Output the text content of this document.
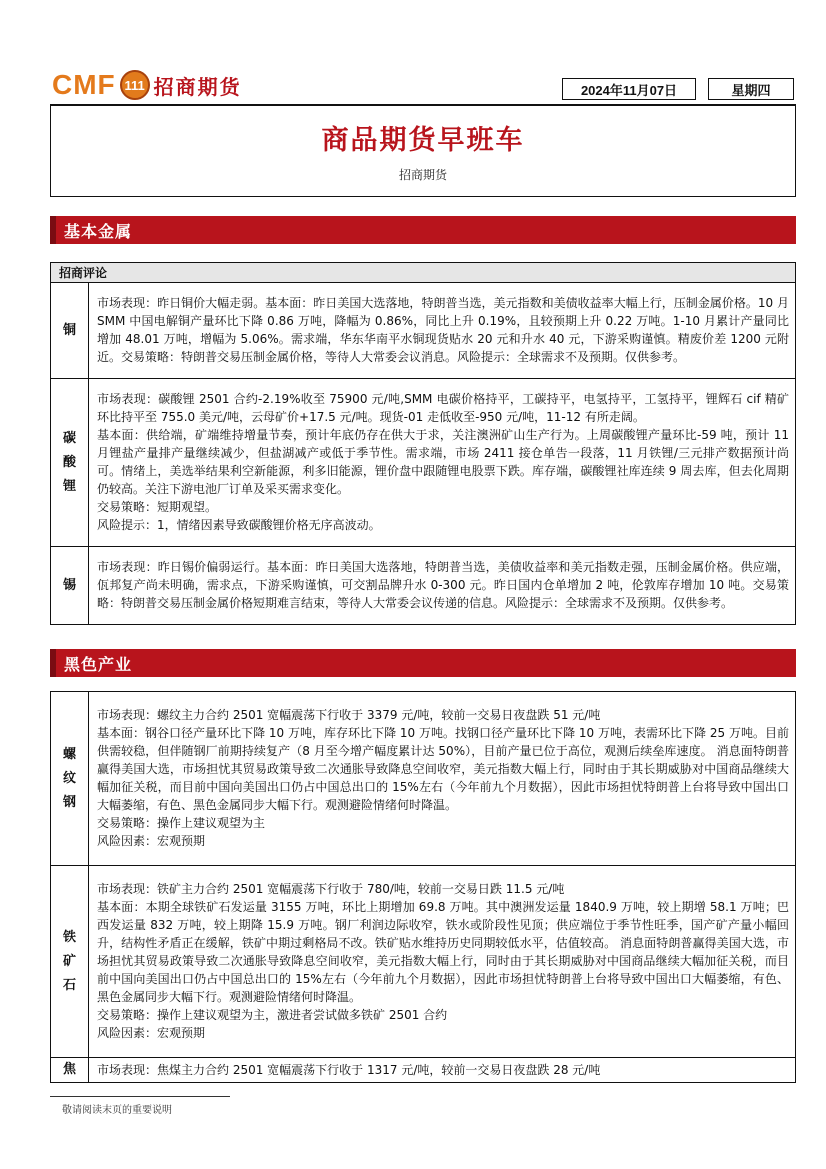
CMF 111 招商期货	2024年11月07日	星期四
商品期货早班车
招商期货
基本金属
招商评论	
铜	市场表现：昨日铜价大幅走弱。基本面：昨日美国大选落地，特朗普当选，美元指数和美债收益率大幅上行，压制金属价格。10 月 SMM 中国电解铜产量环比下降 0.86 万吨，降幅为 0.86%，同比上升 0.19%，且较预期上升 0.22 万吨。1-10 月累计产量同比增加 48.01 万吨，增幅为 5.06%。需求端，华东华南平水铜现货贴水 20 元和升水 40 元，下游采购谨慎。精废价差 1200 元附近。交易策略：特朗普交易压制金属价格，等待人大常委会议消息。风险提示：全球需求不及预期。仅供参考。

碳酸锂	市场表现：碳酸锂 2501 合约-2.19%收至 75900 元/吨,SMM 电碳价格持平，工碳持平，电氢持平，工氢持平，锂辉石 cif 精矿环比持平至 755.0 美元/吨，云母矿价+17.5 元/吨。现货-01 走低收至-950 元/吨，11-12 有所走阔。

基本面：供给端，矿端维持增量节奏，预计年底仍存在供大于求，关注澳洲矿山生产行为。上周碳酸锂产量环比-59 吨，预计 11 月锂盐产量排产量继续减少，但盐湖减产或低于季节性。需求端，市场 2411 接仓单告一段落，11 月铁锂/三元排产数据预计尚可。情绪上，美选举结果利空新能源，利多旧能源，锂价盘中跟随锂电股票下跌。库存端，碳酸锂社库连续 9 周去库，但去化周期仍较高。关注下游电池厂订单及采买需求变化。

交易策略：短期观望。

风险提示：1，情绪因素导致碳酸锂价格无序高波动。

锡	市场表现：昨日锡价偏弱运行。基本面：昨日美国大选落地，特朗普当选，美债收益率和美元指数走强，压制金属价格。供应端，佤邦复产尚未明确，需求点，下游采购谨慎，可交割品牌升水 0-300 元。昨日国内仓单增加 2 吨，伦敦库存增加 10 吨。交易策略：特朗普交易压制金属价格短期难言结束，等待人大常委会议传递的信息。风险提示：全球需求不及预期。仅供参考。

黑色产业
螺纹钢	市场表现：螺纹主力合约 2501 宽幅震荡下行收于 3379 元/吨，较前一交易日夜盘跌 51 元/吨

基本面：钢谷口径产量环比下降 10 万吨，库存环比下降 10 万吨。找钢口径产量环比下降 10 万吨，表需环比下降 25 万吨。目前供需较稳，但伴随钢厂前期持续复产（8 月至今增产幅度累计达 50%），目前产量已位于高位，观测后续垒库速度。 消息面特朗普赢得美国大选，市场担忧其贸易政策导致二次通胀导致降息空间收窄，美元指数大幅上行，同时由于其长期威胁对中国商品继续大幅加征关税，而目前中国向美国出口仍占中国总出口的 15%左右（今年前九个月数据），因此市场担忧特朗普上台将导致中国出口大幅萎缩，有色、黑色金属同步大幅下行。观测避险情绪何时降温。

交易策略：操作上建议观望为主

风险因素：宏观预期

铁矿石	市场表现：铁矿主力合约 2501 宽幅震荡下行收于 780/吨，较前一交易日跌 11.5 元/吨

基本面：本期全球铁矿石发运量 3155 万吨，环比上期增加 69.8 万吨。其中澳洲发运量 1840.9 万吨，较上期增 58.1 万吨；巴西发运量 832 万吨，较上期降 15.9 万吨。钢厂利润边际收窄，铁水或阶段性见顶；供应端位于季节性旺季，国产矿产量小幅回升，结构性矛盾正在缓解，铁矿中期过剩格局不改。铁矿贴水维持历史同期较低水平，估值较高。 消息面特朗普赢得美国大选，市场担忧其贸易政策导致二次通胀导致降息空间收窄，美元指数大幅上行，同时由于其长期威胁对中国商品继续大幅加征关税，而目前中国向美国出口仍占中国总出口的 15%左右（今年前九个月数据），因此市场担忧特朗普上台将导致中国出口大幅萎缩，有色、黑色金属同步大幅下行。观测避险情绪何时降温。

交易策略：操作上建议观望为主，激进者尝试做多铁矿 2501 合约

风险因素：宏观预期

焦	市场表现：焦煤主力合约 2501 宽幅震荡下行收于 1317 元/吨，较前一交易日夜盘跌 28 元/吨

敬请阅读末页的重要说明
